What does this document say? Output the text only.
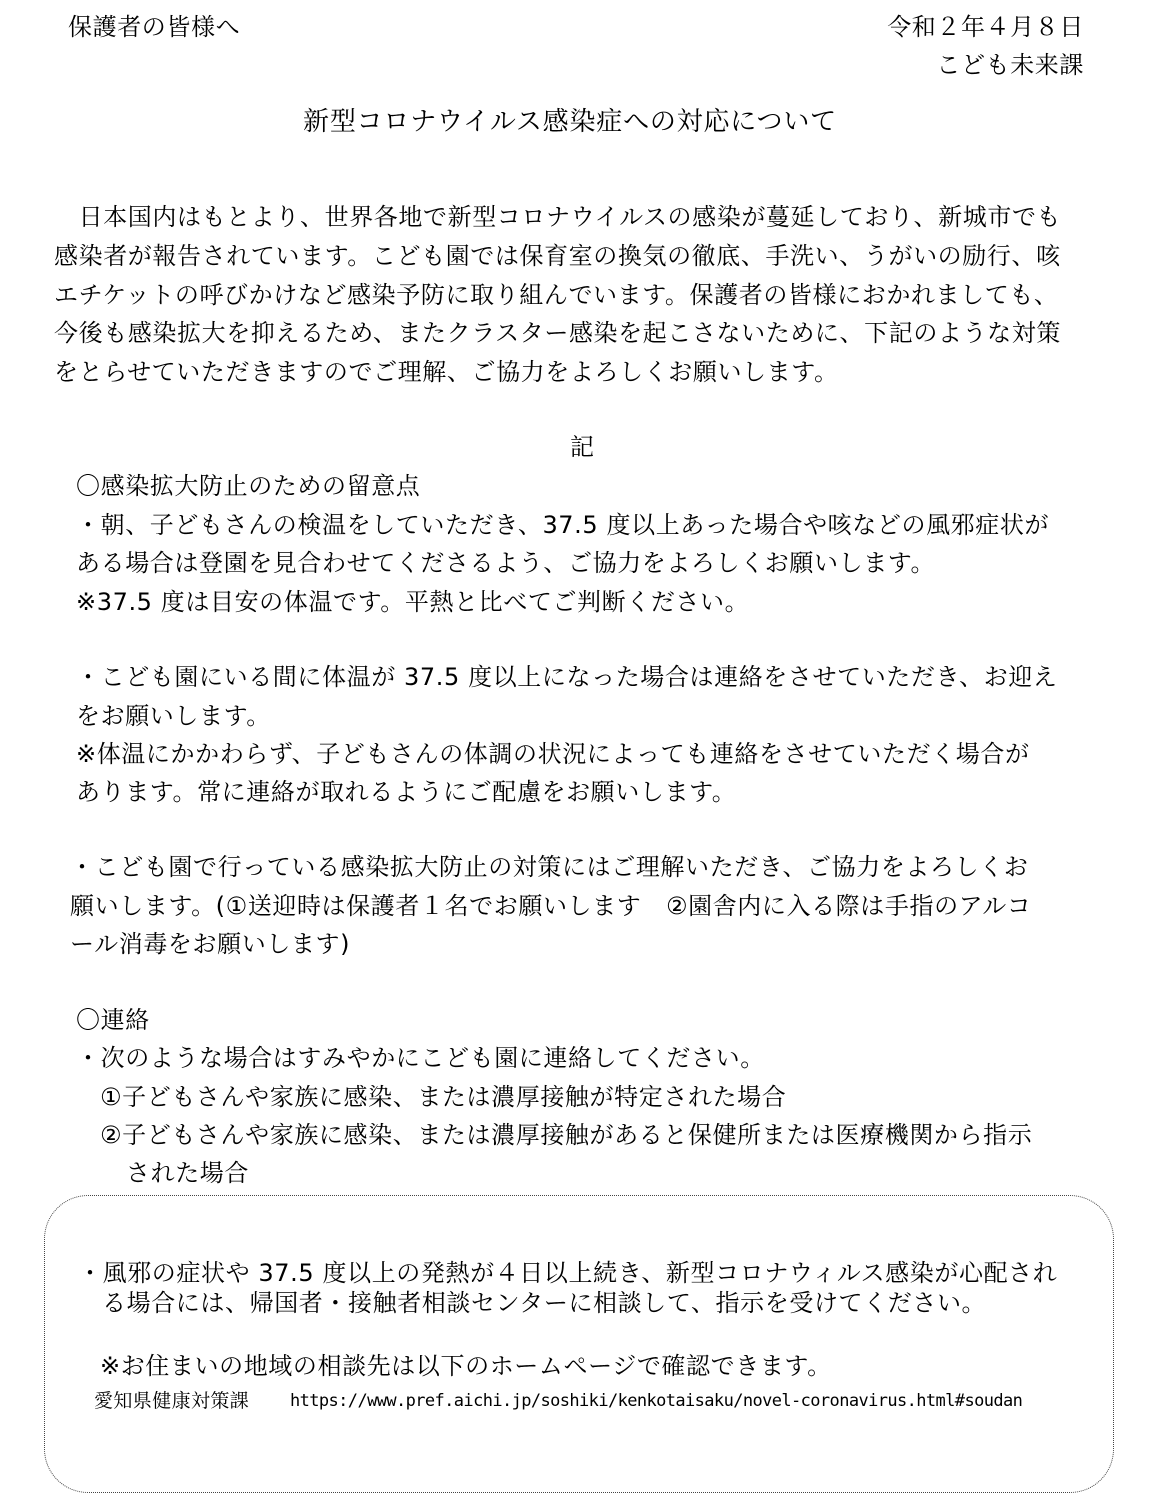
保護者の皆様へ	令和２年４月８日
こども未来課
新型コロナウイルス感染症への対応について
　日本国内はもとより、世界各地で新型コロナウイルスの感染が蔓延しており、新城市でも
感染者が報告されています。こども園では保育室の換気の徹底、手洗い、うがいの励行、咳
エチケットの呼びかけなど感染予防に取り組んでいます。保護者の皆様におかれましても、
今後も感染拡大を抑えるため、またクラスター感染を起こさないために、下記のような対策
をとらせていただきますのでご理解、ご協力をよろしくお願いします。
記
〇感染拡大防止のための留意点
・朝、子どもさんの検温をしていただき、37.5 度以上あった場合や咳などの風邪症状が
ある場合は登園を見合わせてくださるよう、ご協力をよろしくお願いします。
※37.5 度は目安の体温です。平熱と比べてご判断ください。
・こども園にいる間に体温が 37.5 度以上になった場合は連絡をさせていただき、お迎え
をお願いします。
※体温にかかわらず、子どもさんの体調の状況によっても連絡をさせていただく場合が
あります。常に連絡が取れるようにご配慮をお願いします。
・こども園で行っている感染拡大防止の対策にはご理解いただき、ご協力をよろしくお
願いします。(①送迎時は保護者１名でお願いします　②園舎内に入る際は手指のアルコ
ール消毒をお願いします)
〇連絡
・次のような場合はすみやかにこども園に連絡してください。
①子どもさんや家族に感染、または濃厚接触が特定された場合
②子どもさんや家族に感染、または濃厚接触があると保健所または医療機関から指示
された場合
・風邪の症状や 37.5 度以上の発熱が４日以上続き、新型コロナウィルス感染が心配され
る場合には、帰国者・接触者相談センターに相談して、指示を受けてください。
※お住まいの地域の相談先は以下のホームページで確認できます。
愛知県健康対策課 https://www.pref.aichi.jp/soshiki/kenkotaisaku/novel-coronavirus.html#soudan
